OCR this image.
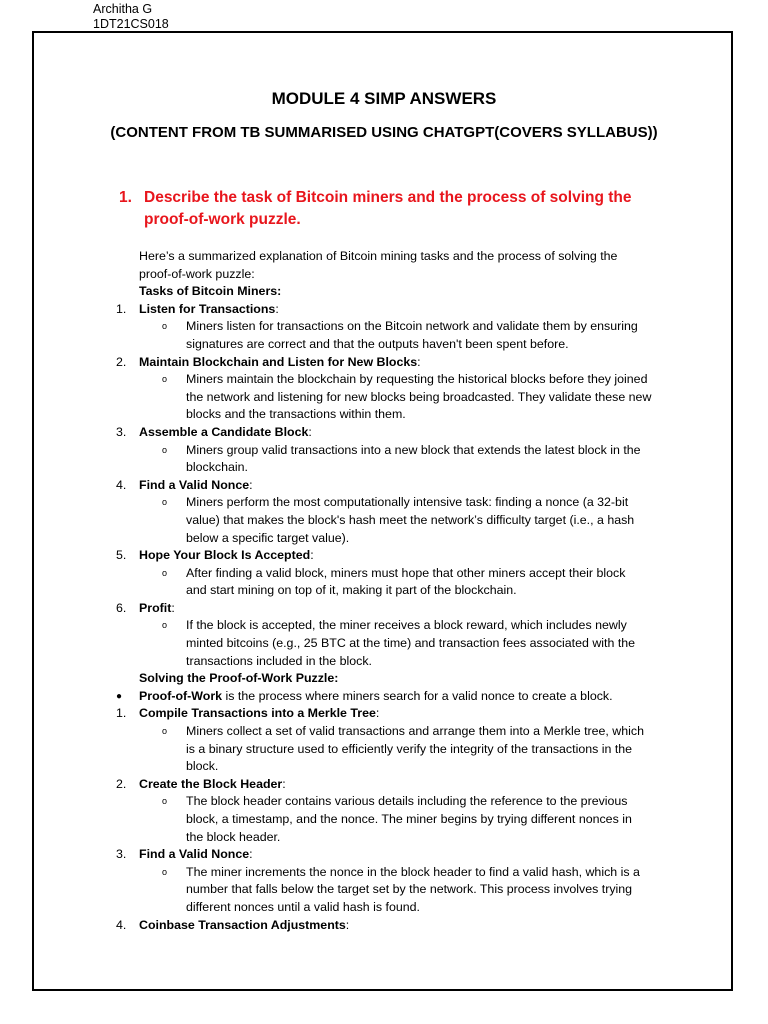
Architha G
1DT21CS018
MODULE 4 SIMP ANSWERS
(CONTENT FROM TB SUMMARISED USING CHATGPT(COVERS SYLLABUS))
1. Describe the task of Bitcoin miners and the process of solving the
proof-of-work puzzle.
Here’s a summarized explanation of Bitcoin mining tasks and the process of solving the
proof-of-work puzzle:
Tasks of Bitcoin Miners:
1. Listen for Transactions:
o Miners listen for transactions on the Bitcoin network and validate them by ensuring
signatures are correct and that the outputs haven't been spent before.
2. Maintain Blockchain and Listen for New Blocks:
o Miners maintain the blockchain by requesting the historical blocks before they joined
the network and listening for new blocks being broadcasted. They validate these new
blocks and the transactions within them.
3. Assemble a Candidate Block:
o Miners group valid transactions into a new block that extends the latest block in the
blockchain.
4. Find a Valid Nonce:
o Miners perform the most computationally intensive task: finding a nonce (a 32-bit
value) that makes the block's hash meet the network’s difficulty target (i.e., a hash
below a specific target value).
5. Hope Your Block Is Accepted:
o After finding a valid block, miners must hope that other miners accept their block
and start mining on top of it, making it part of the blockchain.
6. Profit:
o If the block is accepted, the miner receives a block reward, which includes newly
minted bitcoins (e.g., 25 BTC at the time) and transaction fees associated with the
transactions included in the block.
Solving the Proof-of-Work Puzzle:
● Proof-of-Work is the process where miners search for a valid nonce to create a block.
1. Compile Transactions into a Merkle Tree:
o Miners collect a set of valid transactions and arrange them into a Merkle tree, which
is a binary structure used to efficiently verify the integrity of the transactions in the
block.
2. Create the Block Header:
o The block header contains various details including the reference to the previous
block, a timestamp, and the nonce. The miner begins by trying different nonces in
the block header.
3. Find a Valid Nonce:
o The miner increments the nonce in the block header to find a valid hash, which is a
number that falls below the target set by the network. This process involves trying
different nonces until a valid hash is found.
4. Coinbase Transaction Adjustments:
